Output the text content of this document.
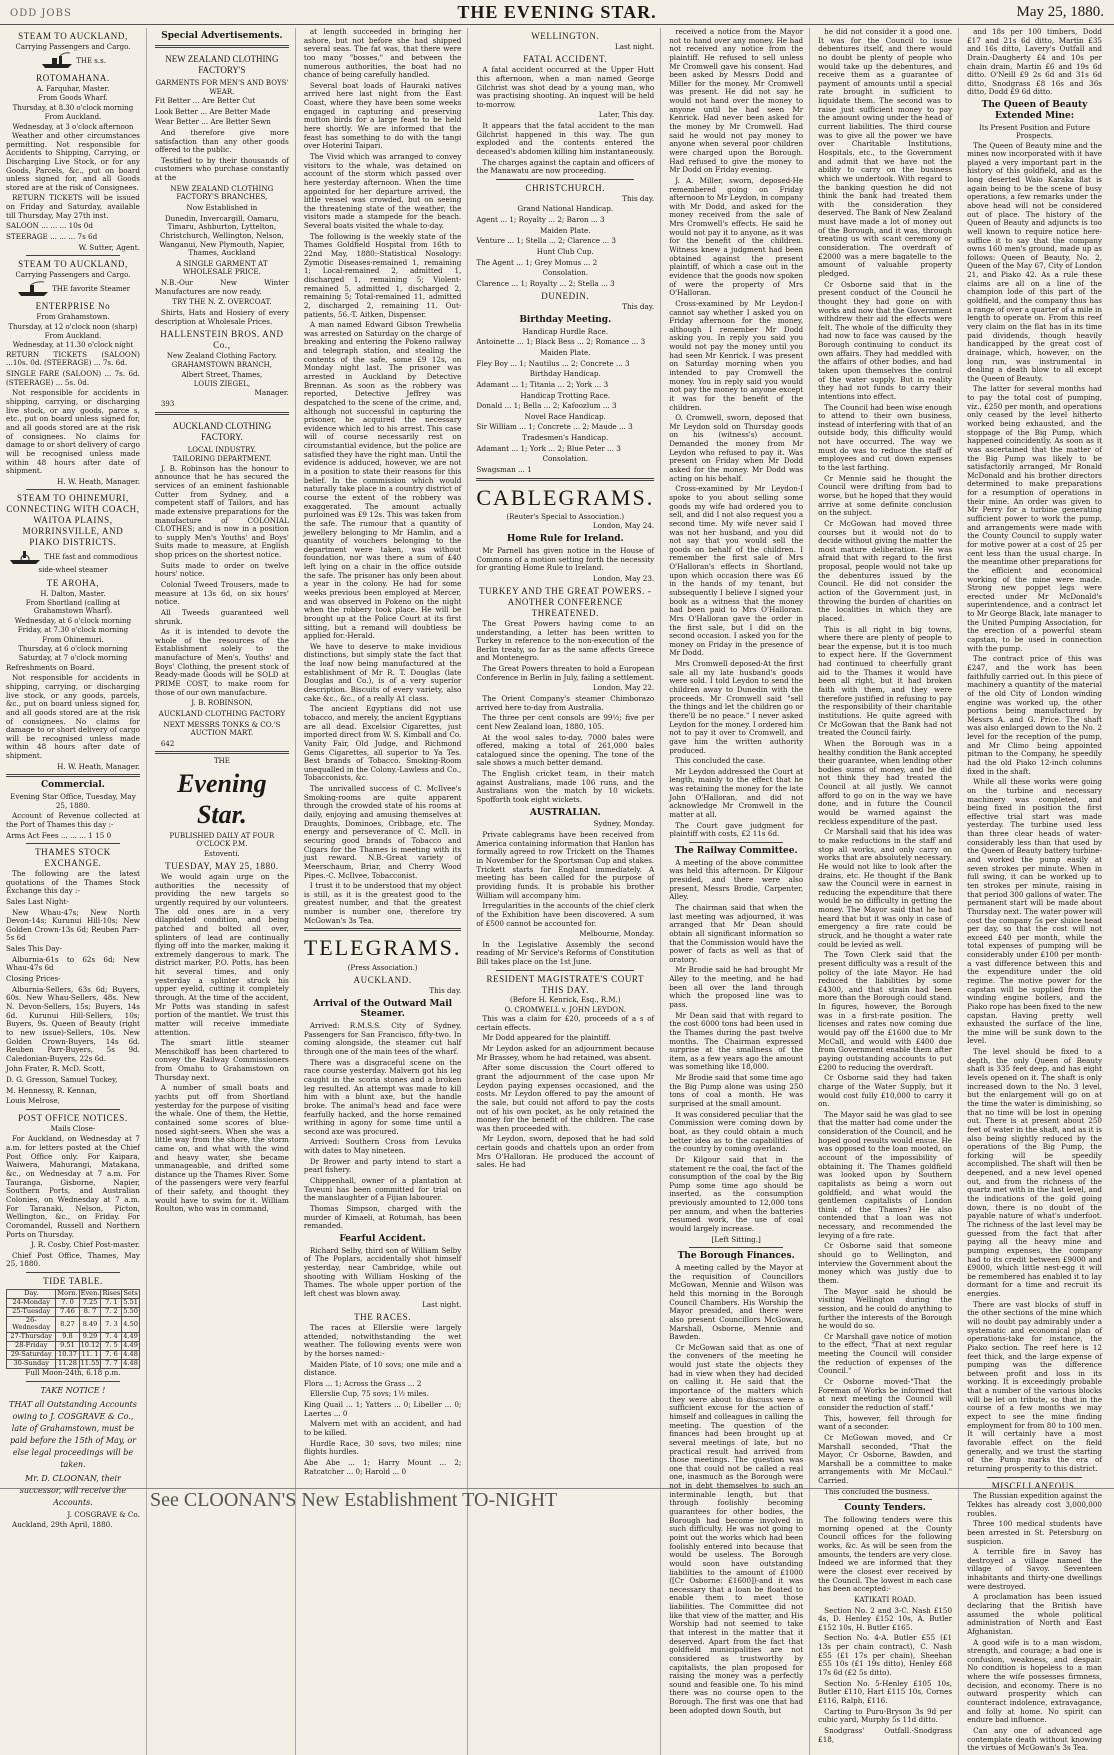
ODD JOBS	THE EVENING STAR.	May 25, 1880.
STEAM TO AUCKLAND,
Carrying Passengers and Cargo.
THE s.s.
ROTOMAHANA.
A. Farquhar, Master.
From Goods Wharf.
Thursday, at 8.30 o'clock morning
From Auckland.
Wednesday, at 3 o'clock afternoon

Weather and other circumstances permitting. Not responsible for Accidents to Shipping, Carrying, or Discharging Live Stock, or for any Goods, Parcels, &c., put on board unless signed for, and all Goods stored are at the risk of Consignees.

RETURN TICKETS will be issued on Friday and Saturday, available till Thursday, May 27th inst.

SALOON ... ... ... 10s 0d

STEERAGE ... ... ... 7s 6d

W. Sutter, Agent.

STEAM TO AUCKLAND,
Carrying Passengers and Cargo.
THE favorite Steamer
ENTERPRISE No
From Grahamstown.
Thursday, at 12 o'clock noon (sharp)
From Auckland.
Wednesday, at 11.30 o'clock night

RETURN TICKETS (SALOON) ...10s. 0d. (STEERAGE) ... 7s. 6d.

SINGLE FARE (SALOON) ... 7s. 6d. (STEERAGE) ... 5s. 0d.

Not responsible for accidents in shipping, carrying, or discharging live stock, or any goods, parce s, etc., put on board unless signed for, and all goods stored are at the risk of consignees. No claims for damage to or short delivery of cargo will be recognised unless made within 48 hours after date of shipment.

H. W. Heath, Manager.

STEAM TO OHINEMURI, CONNECTING WITH COACH, WAITOA PLAINS, MORRINSVILLE, AND PIAKO DISTRICTS.
THE fast and commodious side-wheel steamer
TE AROHA,
H. Dalton, Master.
From Shortland (calling at Grahamstown Wharf).
Wednesday, at 6 o'clock morning
Friday, at 7.30 o'clock morning
From Ohinemuri.
Thursday, at 6 o'clock morning
Saturday, at 7 o'clock morning

Refreshments on Board.

Not responsible for accidents in shipping, carrying, or discharging live stock, or any goods, parcels, &c., put on board unless signed for, and all goods stored are at the risk of consignees. No claims for damage to or short delivery of cargo will be recognised unless made within 48 hours after date of shipment.

H. W. Heath, Manager.

Commercial.

Evening Star Office, Tuesday, May 25, 1880.

Account of Revenue collected at the Port of Thames this day :-

Arms Act Fees ... ... ... 1 15 0

THAMES STOCK EXCHANGE.

The following are the latest quotations of the Thames Stock Exchange this day :-

Sales Last Night-

New Whau-47s; New North Devon-14s; Kurunui Hill-10s; New Golden Crown-13s 6d; Reuben Parr-5s 6d

Sales This Day-

Alburnia-61s to 62s 6d; New Whau-47s 6d

Closing Prices-

Alburnia-Sellers, 63s 6d; Buyers, 60s. New Whau-Sellers, 48s. New N. Devon-Sellers, 15s; Buyers, 14s 6d. Kurunui Hill-Sellers, 10s; Buyers, 9s. Queen of Beauty (right to new issue)-Sellers, 10s. New Golden Crown-Buyers, 14s 6d. Reuben Parr-Buyers, 5s 9d. Caledonian-Buyers, 22s 6d.

John Frater, R. McD. Scott,

D. G. Gresson, Samuel Tuckey,

M. Hennessy, R. Kennan,

Louis Melrose,

POST OFFICE NOTICES.

Mails Close-

For Auckland, on Wednesday at 7 a.m. for letters posted at the Chief Post Office only. For Kaipara, Waiwera, Mahurangi, Matakana, &c., on Wednesday at 7 a.m. For Tauranga, Gisborne, Napier, Southern Ports, and Australian Colonies, on Wednesday at 7 a.m. For Taranaki, Nelson, Picton, Wellington, &c., on Friday. For Coromandel, Russell and Northern Ports on Thursday.

J. R. Cosby, Chief Post-master.

Chief Post Office, Thames, May 25, 1880.

TIDE TABLE.
Day.	Morn.	Even.	Rises	Sets
24-Monday	7. 0	7.25	7. 1	5.51
25-Tuesday	7.46	8. 7	7. 2	5.50
26-Wednesday	8.27	8.49	7. 3	4.50
27-Thursday	9.8	9.29	7. 4	4.49
28-Friday	9.51	10.12	7. 5	4.49
29-Saturday	10.37	11. 1	7. 6	4.48
30-Sunday	11.28	11.55	7. 7	4.48

Full Moon-24th, 6.18 p.m.

TAKE NOTICE !
THAT all Outstanding Accounts owing to J. COSGRAVE & Co., late of Grahamstown, must be paid before the 15th of May, or else legal proceedings will be taken.
Mr. D. CLOONAN, their successor, will receive the Accounts.

J. COSGRAVE & Co.

Auckland, 29th April, 1880.

Special Advertisements.
NEW ZEALAND CLOTHING FACTORY'S
GARMENTS FOR MEN'S AND BOYS' WEAR.

Fit Better ... Are Better Cut

Look Better ... Are Better Made

Wear Better ... Are Better Sewn

And therefore give more satisfaction than any other goods offered to the public.

Testified to by their thousands of customers who purchase constantly at the

NEW ZEALAND CLOTHING FACTORY'S BRANCHES,

Now Established in

Dunedin, Invercargill, Oamaru, Timaru, Ashburton, Lyttelton, Christchurch, Wellington, Nelson, Wanganui, New Plymouth, Napier, Thames, Auckland

A SINGLE GARMENT AT WHOLESALE PRICE.

N.B.-Our New Winter Manufactures are now ready.

TRY THE N. Z. OVERCOAT.

Shirts, Hats and Hosiery of every description at Wholesale Prices.

HALLENSTEIN BROS. AND Co.,
New Zealand Clothing Factory.
GRAHAMSTOWN BRANCH,
Albert Street, Thames,
LOUIS ZIEGEL,

Manager.

393

AUCKLAND CLOTHING FACTORY.
LOCAL INDUSTRY.
TAILORING DEPARTMENT.

J. B. Robinson has the honour to announce that he has secured the services of an eminent fashionable Cutter from Sydney, and a competent staff of Tailors, and has made extensive preparations for the manufacture of COLONIAL CLOTHES; and is now in a position to supply Men's Youths' and Boys' Suits made to measure, at English shop prices on the shortest notice.

Suits made to order on twelve hours' notice.

Colonial Tweed Trousers, made to measure at 13s 6d, on six hours' notice.

All Tweeds guaranteed well shrunk.

As it is intended to devote the whole of the resources of the Establishment solely to the manufacture of Men's, Youths' and Boys' Clothing, the present stock of Ready-made Goods will be SOLD at PRIME COST, to make room for those of our own manufacture.

J. B. ROBINSON,

AUCKLAND CLOTHING FACTORY

NEXT MESSRS TONKS & CO.'S AUCTION MART.

642

THE
Evening Star.
PUBLISHED DAILY AT FOUR O'CLOCK P.M.
Estoventi.
TUESDAY, MAY 25, 1880.

We would again urge on the authorities the necessity of providing the new targets so urgently required by our volunteers. The old ones are in a very dilapidated condition, and being patched and bolted all over, splinters of lead are continually flying off into the marker, making it extremely dangerous to mark. The district marker, P.O. Potts, has been hit several times, and only yesterday a splinter struck his upper eyelid, cutting it completely through. At the time of the accident, Mr Potts was standing in safest portion of the mantlet. We trust this matter will receive immediate attention.

The smart little steamer Menschikoff has been chartered to convey the Railway Commissioners from Omahu to Grahamstown on Thursday next.

A number of small boats and yachts put off from Shortland yesterday for the purpose of visiting the whale. One of them, the Hettie, contained some scores of blue-nosed sight-seers. When she was a little way from the shore, the storm came on, and what with the wind and heavy water, she became unmanageable, and drifted some distance up the Thames River. Some of the passengers were very fearful of their safety, and thought they would have to swim for it. William Roulton, who was in command,

at length succeeded in bringing her ashore, but not before she had shipped several seas. The fat was, that there were too many "bosses," and between the numerous authorities, the boat had no chance of being carefully handled.

Several boat loads of Hauraki natives arrived here last night from the East Coast, where they have been some weeks engaged in capturing and preserving mutton birds for a large feast to be held here shortly. We are informed that the feast has something to do with the tangi over Hoterini Taipari.

The Vivid which was arranged to convey visitors to the whale, was detained on account of the storm which passed over here yesterday afternoon. When the time appointed for her departure arrived, the little vessel was crowded, but on seeing the threatening state of the weather, the visitors made a stampede for the beach. Several boats visited the whale to-day.

The following is the weekly state of the Thames Goldfield Hospital from 16th to 22nd May, 1880:-Statistical Nosology: Zymotic Diseases-remained 1, remaining 1; Local-remained 2, admitted 1, discharged 1, remaining 5; Violent-remained 5, admitted 1, discharged 2, remaining 5; Total-remained 11, admitted 2, discharged 2, remaining 11. Out-patients, 56.-T. Aitken, Dispenser.

A man named Edward Gibson Trewhelia was arrested on Saturday on the charge of breaking and entering the Pokeno railway and telegraph station, and stealing the contents of the safe, some £9 12s, on Monday night last. The prisoner was arrested in Auckland by Detective Brennan. As soon as the robbery was reported, Detective Jeffrey was despatched to the scene of the crime, and, although not successful in capturing the prisoner, he acquired the necessary evidence which led to his arrest. This case will of course necessarily rest on circumstantial evidence, but the police are satisfied they have the right man. Until the evidence is adduced, however, we are not in a position to state their reasons for this belief. In the commission which would naturally take place in a country district of course the extent of the robbery was exaggerated. The amount actually purloined was £9 12s. This was taken from the safe. The rumour that a quantity of jewellery belonging to Mr Hamlin, and a quantity of vouchers belonging to the department were taken, was without foundation, nor was there a sum of £40 left lying on a chair in the office outside the safe. The prisoner has only been about a year in the colony. He had for some weeks previous been employed at Mercer, and was observed in Pokeno on the night when the robbery took place. He will be brought up at the Police Court at its first sitting, but a remand will doubtless be applied for.-Herald.

We have to deserve to make invidious distinctions, but simply state the fact that the loaf now being manufactured at the establishment of Mr R. T. Douglas (late Douglas and Co.), is of a very superior description. Biscuits of every variety, also cake &c., &c., of a really A1 class.

The ancient Egyptians did not use tobacco, and merely, the ancient Egyptians are all dead. Excelsior Cigarettes, just imported direct from W. S. Kimball and Co. Vanity Fair, Old Judge, and Richmond Gems Cigarettes, all superior to Ya Tes. Best brands of Tobacco. Smoking-Room unequalled in the Colony.-Lawless and Co., Tobacconists, &c.

The unrivalled success of C. McIlvee's Smoking-rooms are quite apparent through the crowded state of his rooms at daily, enjoying and amusing themselves at Draughts, Dominoes, Cribbage, etc. The energy and perseverance of C. McIl. in securing good brands of Tobacco and Cigars for the Thames is meeting with its just reward. N.B.-Great variety of Meerschaum, Briar, and Cherry Wood Pipes.-C. McIlvee, Tobacconist.

I trust it to be understood that my object is still, as it is the greatest good to the greatest number, and that the greatest number is number one, therefore try McGowan's 3s Tea.

TELEGRAMS.
(Press Association.)
AUCKLAND.

This day.

Arrival of the Outward Mail Steamer.

Arrived: R.M.S.S. City of Sydney, Passengers for San Francisco, fifty-two. In coming alongside, the steamer cut half through one of the main tees of the wharf.

There was a disgraceful scene on the race course yesterday. Malvern got his leg caught in the scoria stones and a broken leg resulted. An attempt was made to kill him with a blunt axe, but the handle broke. The animal's head and face were fearfully hacked, and the horse remained writhing in agony for some time until a second axe was procured.

Arrived: Southern Cross from Levuka with dates to May nineteen.

Dr Brower and party intend to start a pearl fishery.

Chippenhall, owner of a plantation at Taveuni has been committed for trial on the manslaughter of a Fijian labourer.

Thomas Simpson, charged with the murder of Kimaeli, at Rotumah, has been remanded.

Fearful Accident.

Richard Selby, third son of William Selby of The Poplars, accidentally shot himself yesterday, near Cambridge, while out shooting with William Hosking of the Thames. The whole upper portion of the left chest was blown away.

Last night.

THE RACES.

The races at Ellerslie were largely attended, notwithstanding the wet weather. The following events were won by the horses named:-

Maiden Plate, of 10 sovs; one mile and a distance.

Flora ... 1; Across the Grass ... 2

Ellerslie Cup, 75 sovs; 1½ miles.

King Quail ... 1; Yatters ... 0; Libeller ... 0; Laertes ... 0

Malvern met with an accident, and had to be killed.

Hurdle Race, 30 sovs, two miles; nine flights hurdles.

Abe Abe ... 1; Harry Mount ... 2; Ratcatcher ... 0; Harold ... 0

WELLINGTON.

Last night.

FATAL ACCIDENT.

A fatal accident occurred at the Upper Hutt this afternoon, when a man named George Gilchrist was shot dead by a young man, who was practising shooting. An inquest will be held to-morrow.

Later, This day.

It appears that the fatal accident to the man Gilchrist happened in this way. The gun exploded and the contents entered the deceased's abdomen killing him instantaneously.

The charges against the captain and officers of the Manawatu are now proceeding.

CHRISTCHURCH.

This day.

Grand National Handicap.

Agent ... 1; Royalty ... 2; Baron ... 3

Maiden Plate.

Venture ... 1; Stella ... 2; Clarence ... 3

Hunt Club Cup.

The Agent ... 1; Grey Momus ... 2

Consolation.

Clarence ... 1; Royalty ... 2; Stella ... 3

DUNEDIN.

This day.

Birthday Meeting.

Handicap Hurdle Race.

Antoinette ... 1; Black Bess ... 2; Romance ... 3

Maiden Plate.

Fley Boy ... 1; Nautilus ... 2; Concrete ... 3

Birthday Handicap.

Adamant ... 1; Titania ... 2; York ... 3

Handicap Trotting Race.

Donald ... 1; Bella ... 2; Kafoozlum ... 3

Novel Race Handicap.

Sir William ... 1; Concrete ... 2; Maude ... 3

Tradesmen's Handicap.

Adamant ... 1; York ... 2; Blue Peter ... 3

Consolation.

Swagsman ... 1

CABLEGRAMS.
(Reuter's Special to Association.)

London, May 24.

Home Rule for Ireland.

Mr Parnell has given notice in the House of Commons of a motion setting forth the necessity for granting Home Rule to Ireland.

London, May 23.

TURKEY AND THE GREAT POWERS. - ANOTHER CONFERENCE THREATENED.

The Great Powers having come to an understanding, a letter has been written to Turkey in reference to the non-execution of the Berlin treaty, so far as the same affects Greece and Montenegro.

The Great Powers threaten to hold a European Conference in Berlin in July, failing a settlement.

London, May 22.

The Orient Company's steamer Chimborazo arrived here to-day from Australia.

The three per cent consols are 99½; five per cent New Zealand loan, 1880, 105.

At the wool sales to-day, 7000 bales were offered, making a total of 261,000 bales catalogued since the opening. The tone of the sale shows a much better demand.

The English cricket team, in their match against Australians, made 106 runs, and the Australians won the match by 10 wickets. Spofforth took eight wickets.

AUSTRALIAN.

Sydney, Monday.

Private cablegrams have been received from America containing information that Hanlon has formally agreed to row Trickett on the Thames in November for the Sportsman Cup and stakes. Trickett starts for England immediately. A meeting has been called for the purpose of providing funds. It is probable his brother William will accompany him.

Irregularities in the accounts of the chief clerk of the Exhibition have been discovered. A sum of £500 cannot be accounted for.

Melbourne, Monday.

In the Legislative Assembly the second reading of Mr Service's Reforms of Constitution Bill takes place on the 1st June.

RESIDENT MAGISTRATE'S COURT THIS DAY.
(Before H. Kenrick, Esq., R.M.)
O. CROMWELL v. JOHN LEYDON.

This was a claim for £20, proceeds of a s of certain effects.

Mr Dodd appeared for the plaintiff.

Mr Leydon asked for an adjournment because Mr Brassey, whom he had retained, was absent.

After some discussion the Court offered to grant the adjournment of the case upon Mr Leydon paying expenses occasioned, and the costs. Mr Leydon offered to pay the amount of the sale, but could not afford to pay the costs out of his own pocket, as he only retained the money for the benefit of the children. The case was then proceeded with.

Mr Leydon, sworn, deposed that he had sold certain goods and chattels upon an order from Mrs O'Halloran. He produced the account of sales. He had

received a notice from the Mayor not to hand over any money. He had not received any notice from the plaintiff. He refused to sell unless Mr Cromwell gave his consent. Had been asked by Messrs Dodd and Miller for the money. Mr Cromwell was present. He did not say he would not hand over the money to anyone until he had seen Mr Kenrick. Had never been asked for the money by Mr Cromwell. Had said he would not pay money to anyone when several poor children were charged upon the Borough. Had refused to give the money to Mr Dodd on Friday evening.

J. A. Miller, sworn, deposed-He remembered going on Friday afternoon to Mr Leydon, in company with Mr Dodd, and asked for the money received from the sale of Mrs Cromwell's effects. He said he would not pay it to anyone, as it was for the benefit of the children. Witness knew a judgment had been obtained against the present plaintiff, of which a case out in the evidence that the goods now spoken of were the property of Mrs O'Halloran.

Cross-examined by Mr Leydon-I cannot say whether I asked you on Friday afternoon for the money, although I remember Mr Dodd asking you. In reply you said you would not pay the money until you had seen Mr Kenrick. I was present on Saturday morning when you intended to pay Cromwell the money. You in reply said you would not pay the money to anyone except it was for the benefit of the children.

O. Cromwell, sworn, deposed that Mr Leydon sold on Thursday goods on his (witness's) account. Demanded the money from Mr Leydon who refused to pay it. Was present on Friday when Mr Dodd asked for the money. Mr Dodd was acting on his behalf.

Cross-examined by Mr Leydon-I spoke to you about selling some goods my wife had ordered you to sell, and did I not also request you a second time. My wife never said I was not her husband, and you did not say that you would sell the goods on behalf of the children. I remember the first sale of Mrs O'Halloran's effects in Shortland, upon which occasion there was £6 in the hands of my tenant, but subsequently I believe I signed your book as a witness that the money had been paid to Mrs O'Halloran. Mrs O'Halloran gave the order in the first sale, but I did on the second occasion. I asked you for the money on Friday in the presence of Mr Dodd.

Mrs Cromwell deposed-At the first sale all my late husband's goods were sold. I told Leydon to send the children away to Dunedin with the proceeds. Mr Cromwell said "sell the things and let the children go or there'll be no peace." I never asked Leydon for the money. I ordered him not to pay it over to Cromwell, and gave him the written authority produced.

This concluded the case.

Mr Leydon addressed the Court at length, mainly to the effect that he was retaining the money for the late John O'Halloran, and did not acknowledge Mr Cromwell in the matter at all.

The Court gave judgment for plaintiff with costs, £2 11s 6d.

The Railway Committee.

A meeting of the above committee was held this afternoon. Dr Kilgour presided, and there were also present, Messrs Brodie, Carpenter, Alley.

The chairman said that when the last meeting was adjourned, it was arranged that Mr Dean should obtain all significant information so that the Commission would have the power of facts as well as that of oratory.

Mr Brodie said he had brought Mr Alley to the meeting, and he had been all over the land through which the proposed line was to pass.

Mr Dean said that with regard to the cost 6000 tons had been used in the Thames during the past twelve months. The Chairman expressed surprise at the smallness of the item, as a few years ago the amount was something like 18,000.

Mr Brodie said that some time ago the Big Pump alone was using 250 tons of coal a month. He was surprised at the small amount.

It was considered peculiar that the Commission were coming down by boat, as they could obtain a much better idea as to the capabilities of the country by coming overland.

Dr Kilgour said that in the statement re the coal, the fact of the consumption of the coal by the Big Pump some time ago should be inserted, as the consumption previously amounted to 12,000 tons per annum, and when the batteries resumed work, the use of coal would largely increase.

[Left Sitting.]

The Borough Finances.

A meeting called by the Mayor at the requisition of Councillors McGowan, Mennie and Wilson was held this morning in the Borough Council Chambers. His Worship the Mayor presided, and there were also present Councillors McGowan, Marshall, Osborne, Mennie and Bawden.

Cr McGowan said that as one of the conveners of the meeting he would just state the objects they had in view when they had decided on calling it. He said that the importance of the matters which they were about to discuss were a sufficient excuse for the action of himself and colleagues in calling the meeting. The question of the finances had been brought up at several meetings of late, but no practical result had arrived from those meetings. The question was one that could not be called a real one, inasmuch as the Borough were not in debt themselves to such an interminable length, but that through foolishly becoming guarantees for other bodies, the Borough had become involved in such difficulty. He was not going to point out the works which had been foolishly entered into because that would be useless. The Borough would soon have outstanding liabilities to the amount of £1000 ([Cr Osborne: £1600])-and it was necessary that a loan be floated to enable them to meet those liabilities. The Committee did not like that view of the matter, and His Worship had not seemed to take that interest in the matter that it deserved. Apart from the fact that goldfield municipalities are not considered as trustworthy by capitalists, the plan proposed for raising the money was a perfectly sound and feasible one. To his mind there was no course open to the Borough. The first was one that had been adopted down South, but

he did not consider it a good one. It was for the Council to issue debentures itself, and there would no doubt be plenty of people who would take up the debentures, and receive them as a guarantee of payment of amounts until a special rate brought in sufficient to liquidate them. The second was to raise just sufficient money to pay the amount owing under the head of current liabilities. The third course was to give all the power we have over Charitable Institutions, Hospitals, etc., to the Government and admit that we have not the ability to carry on the business which we undertook. With regard to the banking question he did not think the bank had treated them with the consideration they deserved. The Bank of New Zealand must have made a lot of money out of the Borough, and it was, through treating us with scant ceremony or consideration. The overdraft of £2000 was a mere bagatelle to the amount of valuable property pledged.

Cr Osborne said that in the present conduct of the Council he thought they had gone on with works and now that the Government withdrew their aid the effects were felt. The whole of the difficulty they had now to face was caused by the Borough continuing to conduct its own affairs. They had meddled with the affairs of other bodies, and had taken upon themselves the control of the water supply. But in reality they had not funds to carry their intentions into effect.

The Council had been wise enough to attend to their own business, instead of interfering with that of an outside body, this difficulty would not have occurred. The way we must do was to reduce the staff of employees and cut down expenses to the last farthing.

Cr Mennie said he thought the Council were drifting from bad to worse, but he hoped that they would arrive at some definite conclusion on the subject.

Cr McGowan had moved three courses but it would not do to decide without giving the matter the most mature deliberation. He was afraid that with regard to the first proposal, people would not take up the debentures issued by the Council. He did not consider the action of the Government just, in throwing the burden of charities on the localities in which they are placed.

This is all right in big towns, where there are plenty of people to bear the expense, but it is too much to expect here. If the Government had continued to cheerfully grant aid to the Thames it would have been all right, but it had broken faith with them, and they were therefore justified in refusing to pay the responsibility of their charitable institutions. He quite agreed with Cr McGowan that the Bank had not treated the Council fairly.

When the Borough was in a healthy condition the Bank accepted their guarantee, when lending other bodies sums of money, and he did not think they had treated the Council at all justly. We cannot afford to go on in the way we have done, and in future the Council would be warned against the reckless expenditure of the past.

Cr Marshall said that his idea was to make reductions in the staff and stop all works, and only carry on works that are absolutely necessary. He would not like to look after the drains, etc. He thought if the Bank saw the Council were in earnest in reducing the expenditure that there would be no difficulty in getting the money. The Mayor said that he had heard that but it was only in case of emergency a fire rate could be struck, and he thought a water rate could be levied as well.

The Town Clerk said that the present difficulty was a result of the policy of the late Mayor. He had reduced the liabilities by some £4300, and that strain had been more than the Borough could stand. In figures, however, the Borough was in a first-rate position. The licenses and rates now coming due would pay off the £1600 due to Mr McCall, and would with £400 due from Government enable them after paying outstanding accounts to put £200 to reducing the overdraft.

Cr Osborne said they had taken charge of the Water Supply, but it would cost fully £10,000 to carry it on.

The Mayor said he was glad to see that the matter had come under the consideration of the Council, and he hoped good results would ensue. He was opposed to the loan mooted, on account of the impossibility of obtaining it. The Thames goldfield was looked upon by Southern capitalists as being a worn out goldfield, and what would the gentlemen capitalists of London think of the Thames? He also contended that a loan was not necessary, and recommended the levying of a fire rate.

Cr Osborne said that someone should go to Wellington, and interview the Government about the money which was justly due to them.

The Mayor said he should be visiting Wellington during the session, and he could do anything to further the interests of the Borough he would do so.

Cr Marshall gave notice of motion to the effect, "That at next regular meeting the Council will consider the reduction of expenses of the Council."

Cr Osborne moved-"That the Foreman of Works be informed that at next meeting the Council will consider the reduction of staff."

This, however, fell through for want of a seconder.

Cr McGowan moved, and Cr Marshall seconded, "That the Mayor, Cr Osborne, Bawden, and Marshall be a committee to make arrangements with Mr McCaul." Carried.

This concluded the business.

County Tenders.

The following tenders were this morning opened at the County Council offices for the following works, &c. As will be seen from the amounts, the tenders are very close. Indeed we are informed that they were the closest ever received by the Council. The lowest in each case has been accepted:-

KATIKATI ROAD.

Section No. 2 and 3-C. Nash £150 4s, D. Henley £152 10s, A. Butler £152 10s, H. Butler £165.

Section No. 4-A. Butler £55 (£1 13s per chain contract), C. Nash £55 (£1 17s per chain), Sheehan £55 10s (£1 19s ditto), Henley £68 17s 6d (£2 5s ditto).

Section No. 5-Henley £105 10s, Butler £110, Hart £115 10s, Cornes £116, Ralph, £116.

Carting to Puru-Bryson 3s 9d per cubic yard, Murphy 5s 11d ditto.

Snodgrass' Outfall.-Snodgrass £18,

and 18s per 100 timbers, Dodd £17 and 21s 6d ditto, Martin £35 and 16s ditto, Lavery's Outfall and Drain.-Daugherty £4 and 10s per chain drain, Martin £6 and 19s 6d ditto. O'Neill £9 2s 6d and 31s 6d ditto, Snodgrass £8 16s and 36s ditto, Dodd £9 6d ditto.

The Queen of Beauty Extended Mine:
Its Present Position and Future Prospects.

The Queen of Beauty mine and the mines now incorporated with it have played a very important part in the history of this goldfield, and as the long deserted Waio Karaka flat is again being to be the scene of busy operations, a few remarks under the above head will not be considered out of place. The history of the Queen of Beauty and adjuncts is too well known to require notice here-suffice it to say that the company owns 160 men's ground, made up as follows: Queen of Beauty, No. 2, Queen of the May 67, City of London 21, and Piako 42. As a rule these claims are all on a line of the champion lode of this part of the goldfield, and the company thus has a range of over a quarter of a mile in length to operate on. From this reef very claim on the flat has in its time paid dividends, though heavily handicapped by the great cost of drainage, which, however, on the long run, was instrumental in dealing a death blow to all except the Queen of Beauty.

The latter for several months had to pay the total cost of pumping, viz., £250 per month, and operations only ceased by the level hitherto worked being exhausted, and the stoppage of the Big Pump, which happened coincidently. As soon as it was ascertained that the matter of the Big Pump was likely to be satisfactorily arranged, Mr Ronald McDonald and his brother directors determined to make preparations for a resumption of operations in their mine. An order was given to Mr Perry for a turbine generating sufficient power to work the pump, and arrangements were made with the County Council to supply water for motive power at a cost of 25 per cent less than the usual charge. In the meantime other preparations for the efficient and economical working of the mine were made. Strong new poppet legs were erected under Mr McDonald's superintendence, and a contract let to Mr George Black, late manager to the United Pumping Association, for the erection of a powerful steam capstan, to be used in connection with the pump.

The contract price of this was £247, and the work has been faithfully carried out. In this piece of machinery a quantity of the material of the old City of London winding engine was worked up, the other portions being manufactured by Messrs A. and G. Price. The shaft was also enlarged down to the No. 2 level for the reception of the pump, and Mr Climo being appointed pitman to the Company, he speedily had the old Piako 12-inch columns fixed in the shaft.

While all these works were going on the turbine and necessary machinery was completed, and being fixed in position the first effective trial start was made yesterday. The turbine used less than three clear heads of water-considerably less than that used by the Queen of Beauty battery turbine-and worked the pump easily at seven strokes per minute. When in full swing, it can be worked up to ten strokes per minute, raising in that period 300 gallons of water. The permanent start will be made about Thursday next. The water power will cost the company 5s per sluice head per day, so that the cost will not exceed £40 per month, while the total expenses of pumping will be considerably under £100 per month-a vast difference between this and the expenditure under the old regime. The motive power for the capstan will be supplied from the winding engine boilers, and the Piako rope has been fixed to the new capstan. Having pretty well exhausted the surface of the line, the mine will be sunk down to the level.

The level should be fixed to a depth, the only Queen of Beauty shaft is 335 feet deep, and has eight levels opened on it. The shaft is only increased down to the No. 3 level, but the enlargement will go on at the time the water is diminishing, so that no time will be lost in opening out. There is at present about 250 feet of water in the shaft, and as it is also being slightly reduced by the operations of the Big Pump, the forking will be speedily accomplished. The shaft will then be deepened, and a new level opened out, and from the richness of the quartz met with in the last level, and the indications of the gold going down, there is no doubt of the payable nature of what's underfoot. The richness of the last level may be guessed from the fact that after paying all the heavy mine and pumping expenses, the company had to its credit between £9000 and £9000, which little nest-egg it will be remembered has enabled it to lay dormant for a time and recruit its energies.

There are vast blocks of stuff in the other sections of the mine which will no doubt pay admirably under a systematic and economical plan of operations-take for instance, the Piako section. The reef here is 12 feet thick, and the large expense of pumping was the difference between profit and loss in its working. It is exceedingly probable that a number of the various blocks will be let on tribute, so that in the course of a few months we may expect to see the mine finding employment for from 80 to 100 men. It will certainly have a most favorable effect on the field generally, and we trust the starting of the Pump marks the era of returning prosperity to this district.

MISCELLANEOUS.

The Russian expedition against the Tekkes has already cost 3,000,000 roubles.

Three 100 medical students have been arrested in St. Petersburg on suspicion.

A terrible fire in Savoy has destroyed a village named the village of Savoy. Seventeen inhabitants and thirty-one dwellings were destroyed.

A proclamation has been issued declaring that the British have assumed the whole political administration of North and East Afghanistan.

A good wife is to a man wisdom, strength, and courage; a bad one is confusion, weakness, and despair. No condition is hopeless to a man where the wife possesses firmness, decision, and economy. There is no outward prosperity which can counteract indolence, extravagance, and folly at home. No spirit can endure bad influence.

Can any one of advanced age contemplate death without knowing the virtues of McGowan's 3s Tea.

See CLOONAN'S New Establishment TO-NIGHT
